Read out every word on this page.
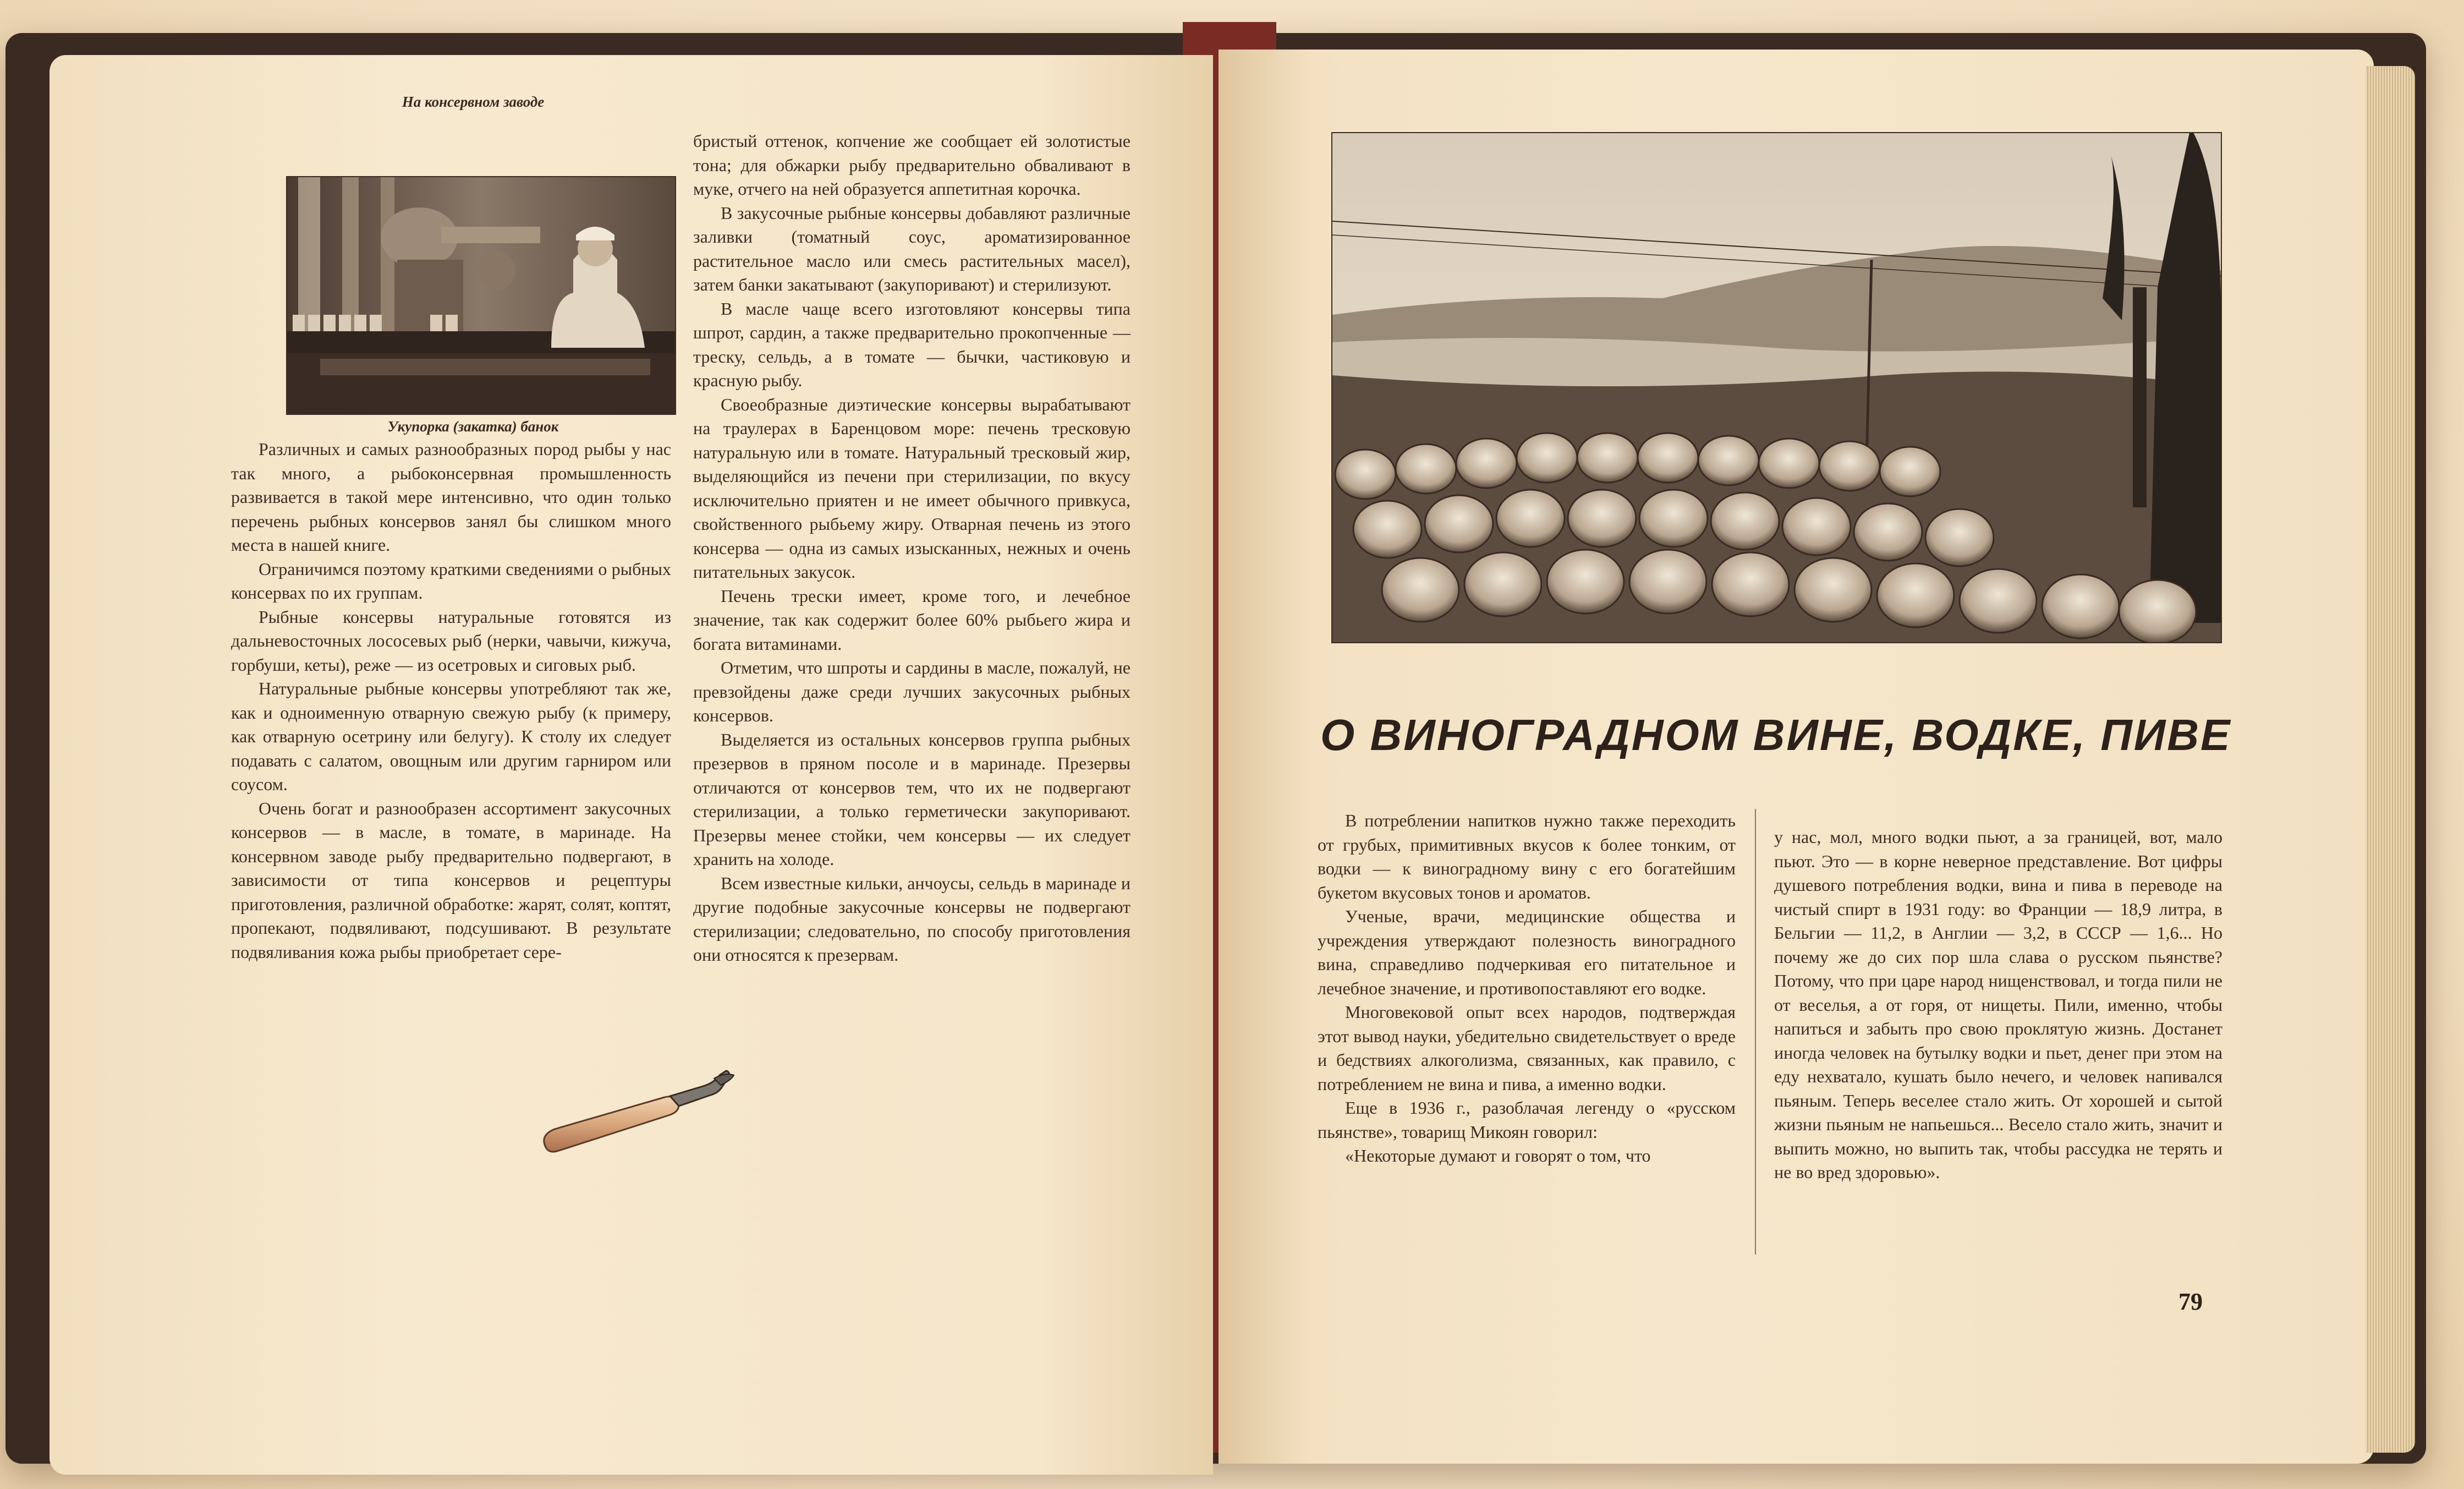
На консервном заводе
Укупорка (закатка) банок

Различных и самых разнообразных пород рыбы у нас так много, а рыбоконсервная промышленность развивается в такой мере интенсивно, что один только перечень рыбных консервов занял бы слишком много места в нашей книге.

Ограничимся поэтому краткими сведениями о рыбных консервах по их группам.

Рыбные консервы натуральные готовятся из дальневосточных лососевых рыб (нерки, чавычи, кижуча, горбуши, кеты), реже — из осетровых и сиговых рыб.

Натуральные рыбные консервы употребляют так же, как и одноименную отварную свежую рыбу (к примеру, как отварную осетрину или белугу). К столу их следует подавать с салатом, овощным или другим гарниром или соусом.

Очень богат и разнообразен ассортимент закусочных консервов — в масле, в томате, в маринаде. На консервном заводе рыбу предварительно подвергают, в зависимости от типа консервов и рецептуры приготовления, различной обработке: жарят, солят, коптят, пропекают, подвяливают, подсушивают. В результате подвяливания кожа рыбы приобретает сере-

бристый оттенок, копчение же сообщает ей золотистые тона; для обжарки рыбу предварительно обваливают в муке, отчего на ней образуется аппетитная корочка.

В закусочные рыбные консервы добавляют различные заливки (томатный соус, ароматизированное растительное масло или смесь растительных масел), затем банки закатывают (закупоривают) и стерилизуют.

В масле чаще всего изготовляют консервы типа шпрот, сардин, а также предварительно прокопченные — треску, сельдь, а в томате — бычки, частиковую и красную рыбу.

Своеобразные диэтические консервы вырабатывают на траулерах в Баренцовом море: печень тресковую натуральную или в томате. Натуральный тресковый жир, выделяющийся из печени при стерилизации, по вкусу исключительно приятен и не имеет обычного привкуса, свойственного рыбьему жиру. Отварная печень из этого консерва — одна из самых изысканных, нежных и очень питательных закусок.

Печень трески имеет, кроме того, и лечебное значение, так как содержит более 60% рыбьего жира и богата витаминами.

Отметим, что шпроты и сардины в масле, пожалуй, не превзойдены даже среди лучших закусочных рыбных консервов.

Выделяется из остальных консервов группа рыбных презервов в пряном посоле и в маринаде. Презервы отличаются от консервов тем, что их не подвергают стерилизации, а только герметически закупоривают. Презервы менее стойки, чем консервы — их следует хранить на холоде.

Всем известные кильки, анчоусы, сельдь в маринаде и другие подобные закусочные консервы не подвергают стерилизации; следовательно, по способу приготовления они относятся к презервам.

О ВИНОГРАДНОМ ВИНЕ, ВОДКЕ, ПИВЕ

В потреблении напитков нужно также переходить от грубых, примитивных вкусов к более тонким, от водки — к виноградному вину с его богатейшим букетом вкусовых тонов и ароматов.

Ученые, врачи, медицинские общества и учреждения утверждают полезность виноградного вина, справедливо подчеркивая его питательное и лечебное значение, и противопоставляют его водке.

Многовековой опыт всех народов, подтверждая этот вывод науки, убедительно свидетельствует о вреде и бедствиях алкоголизма, связанных, как правило, с потреблением не вина и пива, а именно водки.

Еще в 1936 г., разоблачая легенду о «русском пьянстве», товарищ Микоян говорил:

«Некоторые думают и говорят о том, что

у нас, мол, много водки пьют, а за границей, вот, мало пьют. Это — в корне неверное представление. Вот цифры душевого потребления водки, вина и пива в переводе на чистый спирт в 1931 году: во Франции — 18,9 литра, в Бельгии — 11,2, в Англии — 3,2, в СССР — 1,6... Но почему же до сих пор шла слава о русском пьянстве? Потому, что при царе народ нищенствовал, и тогда пили не от веселья, а от горя, от нищеты. Пили, именно, чтобы напиться и забыть про свою проклятую жизнь. Достанет иногда человек на бутылку водки и пьет, денег при этом на еду нехватало, кушать было нечего, и человек напивался пьяным. Теперь веселее стало жить. От хорошей и сытой жизни пьяным не напьешься... Весело стало жить, значит и выпить можно, но выпить так, чтобы рассудка не терять и не во вред здоровью».

79
